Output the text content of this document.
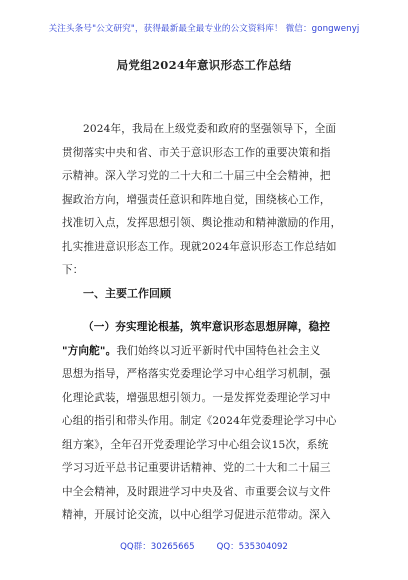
关注头条号"公文研究"，获得最新最全最专业的公文资料库！ 微信：gongwenyj
局党组2024年意识形态工作总结
2024年，我局在上级党委和政府的坚强领导下，全面
贯彻落实中央和省、市关于意识形态工作的重要决策和指
示精神。深入学习党的二十大和二十届三中全会精神，把
握政治方向，增强责任意识和阵地自觉，围绕核心工作，
找准切入点，发挥思想引领、舆论推动和精神激励的作用，
扎实推进意识形态工作。现就2024年意识形态工作总结如
下：
一、主要工作回顾
（一）夯实理论根基，筑牢意识形态思想屏障，稳控
"方向舵"。我们始终以习近平新时代中国特色社会主义
思想为指导，严格落实党委理论学习中心组学习机制，强
化理论武装，增强思想引领力。一是发挥党委理论学习中
心组的指引和带头作用。制定《2024年党委理论学习中心
组方案》，全年召开党委理论学习中心组会议15次，系统
学习习近平总书记重要讲话精神、党的二十大和二十届三
中全会精神，及时跟进学习中央及省、市重要会议与文件
精神，开展讨论交流，以中心组学习促进示范带动。深入
QQ群：30265665	QQ：535304092
